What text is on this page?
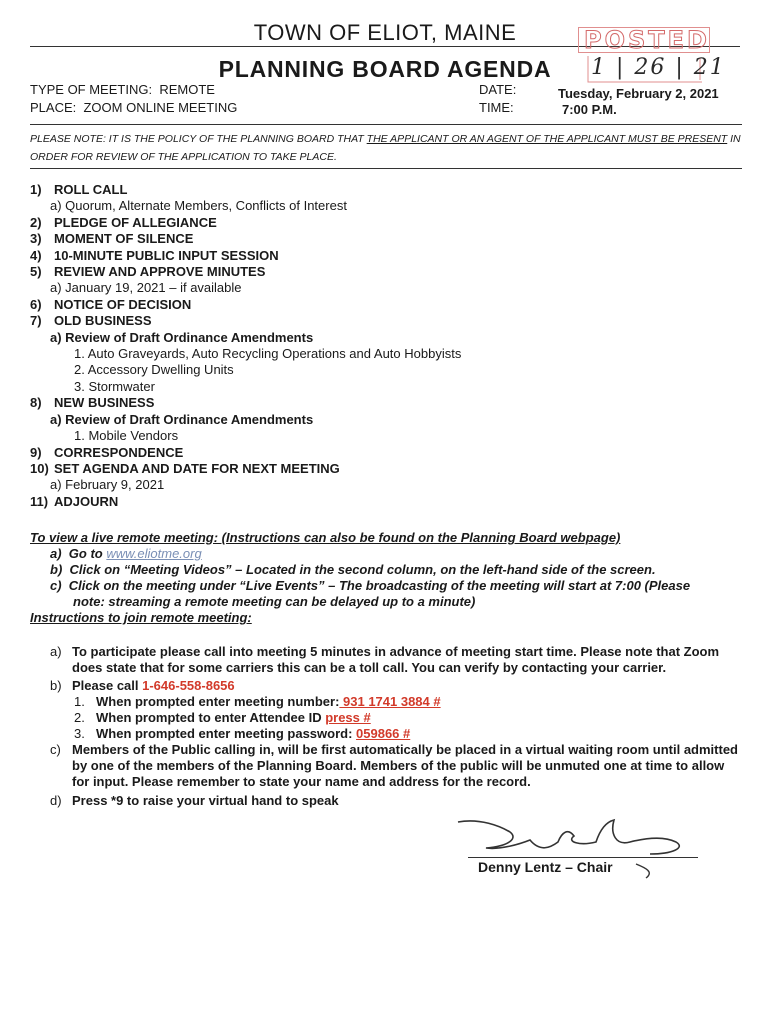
TOWN OF ELIOT, MAINE
PLANNING BOARD AGENDA
POSTED
1 | 26 | 21
TYPE OF MEETING: REMOTE
PLACE: ZOOM ONLINE MEETING
DATE:
TIME:
Tuesday, February 2, 2021
7:00 P.M.
PLEASE NOTE: IT IS THE POLICY OF THE PLANNING BOARD THAT THE APPLICANT OR AN AGENT OF THE APPLICANT MUST BE PRESENT IN ORDER FOR REVIEW OF THE APPLICATION TO TAKE PLACE.
1) ROLL CALL
a) Quorum, Alternate Members, Conflicts of Interest
2) PLEDGE OF ALLEGIANCE
3) MOMENT OF SILENCE
4) 10-MINUTE PUBLIC INPUT SESSION
5) REVIEW AND APPROVE MINUTES
a) January 19, 2021 – if available
6) NOTICE OF DECISION
7) OLD BUSINESS
a) Review of Draft Ordinance Amendments
1. Auto Graveyards, Auto Recycling Operations and Auto Hobbyists
2. Accessory Dwelling Units
3. Stormwater
8) NEW BUSINESS
a) Review of Draft Ordinance Amendments
1. Mobile Vendors
9) CORRESPONDENCE
10) SET AGENDA AND DATE FOR NEXT MEETING
a) February 9, 2021
11) ADJOURN
To view a live remote meeting: (Instructions can also be found on the Planning Board webpage)
a) Go to www.eliotme.org
b) Click on “Meeting Videos” – Located in the second column, on the left-hand side of the screen.
c) Click on the meeting under “Live Events” – The broadcasting of the meeting will start at 7:00 (Please
note: streaming a remote meeting can be delayed up to a minute)
Instructions to join remote meeting:
a) To participate please call into meeting 5 minutes in advance of meeting start time. Please note that Zoom does state that for some carriers this can be a toll call. You can verify by contacting your carrier.
b) Please call 1-646-558-8656
1. When prompted enter meeting number: 931 1741 3884 #
2. When prompted to enter Attendee ID press #
3. When prompted enter meeting password: 059866 #
c) Members of the Public calling in, will be first automatically be placed in a virtual waiting room until admitted by one of the members of the Planning Board. Members of the public will be unmuted one at time to allow for input. Please remember to state your name and address for the record.
d) Press *9 to raise your virtual hand to speak
Denny Lentz – Chair
